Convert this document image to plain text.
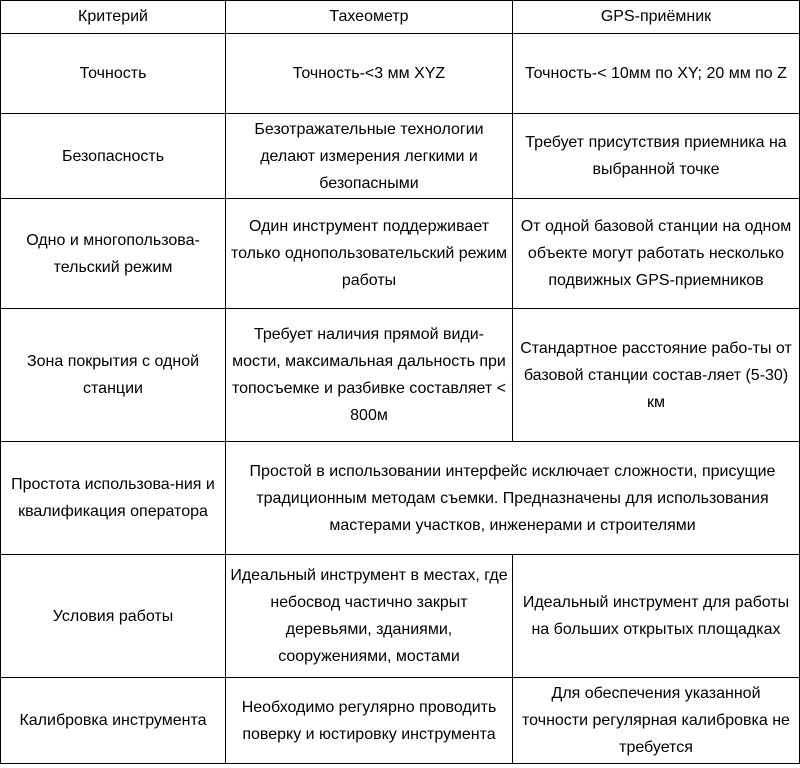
Критерий	Тахеометр	GPS-приёмник
Точность	Точность-<3 мм XYZ	Точность-< 10мм по XY; 20 мм по Z
Безопасность	Безотражательные технологии делают измерения легкими и безопасными	Требует присутствия приемника на выбранной точке
Одно и многопользова-тельский режим	Один инструмент поддерживает только однопользовательский режим работы	От одной базовой станции на одном объекте могут работать несколько подвижных GPS-приемников
Зона покрытия с одной станции	Требует наличия прямой види-мости, максимальная дальность при топосъемке и разбивке составляет < 800м	Стандартное расстояние рабо-ты от базовой станции состав-ляет (5-30) км
Простота использова-ния и квалификация оператора	Простой в использовании интерфейс исключает сложности, присущие традиционным методам съемки. Предназначены для использования мастерами участков, инженерами и строителями	
Условия работы	Идеальный инструмент в местах, где небосвод частично закрыт деревьями, зданиями, сооружениями, мостами	Идеальный инструмент для работы на больших открытых площадках
Калибровка инструмента	Необходимо регулярно проводить поверку и юстировку инструмента	Для обеспечения указанной точности регулярная калибровка не требуется
